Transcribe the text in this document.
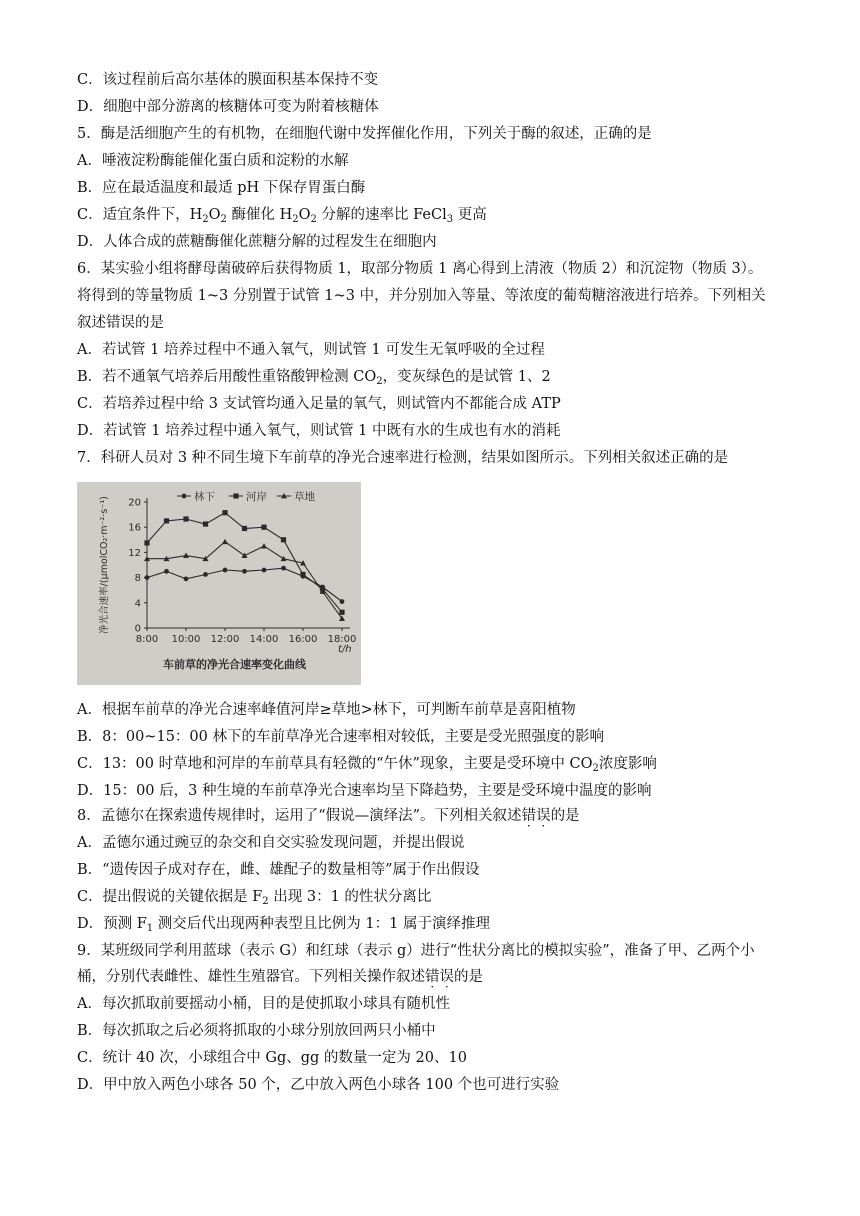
C．该过程前后高尔基体的膜面积基本保持不变
D．细胞中部分游离的核糖体可变为附着核糖体
5．酶是活细胞产生的有机物，在细胞代谢中发挥催化作用，下列关于酶的叙述，正确的是
A．唾液淀粉酶能催化蛋白质和淀粉的水解
B．应在最适温度和最适 pH 下保存胃蛋白酶
C．适宜条件下，$H_2O_2$ 酶催化 $H_2O_2$ 分解的速率比 FeCl$_3$ 更高
D．人体合成的蔗糖酶催化蔗糖分解的过程发生在细胞内
6．某实验小组将酵母菌破碎后获得物质 1，取部分物质 1 离心得到上清液（物质 2）和沉淀物（物质 3）。
将得到的等量物质 1~3 分别置于试管 1~3 中，并分别加入等量、等浓度的葡萄糖溶液进行培养。下列相关
叙述错误的是
A．若试管 1 培养过程中不通入氧气，则试管 1 可发生无氧呼吸的全过程
B．若不通氧气培养后用酸性重铬酸钾检测 $CO_2$，变灰绿色的是试管 1、2
C．若培养过程中给 3 支试管均通入足量的氧气，则试管内不都能合成 ATP
D．若试管 1 培养过程中通入氧气，则试管 1 中既有水的生成也有水的消耗
7．科研人员对 3 种不同生境下车前草的净光合速率进行检测，结果如图所示。下列相关叙述正确的是
0
4
8
12
16
20
8:00 10:00 12:00 14:00 16:00 18:00
t/h
净光合速率/(μmolCO₂·m⁻²·s⁻¹)
车前草的净光合速率变化曲线
林下	河岸	草地
A．根据车前草的净光合速率峰值河岸≥草地>林下，可判断车前草是喜阳植物
B．8：00~15：00 林下的车前草净光合速率相对较低，主要是受光照强度的影响
C．13：00 时草地和河岸的车前草具有轻微的“午休”现象，主要是受环境中 $CO_2$浓度影响
D．15：00 后，3 种生境的车前草净光合速率均呈下降趋势，主要是受环境中温度的影响
8．孟德尔在探索遗传规律时，运用了“假说—演绎法”。下列相关叙述错误的是
A．孟德尔通过豌豆的杂交和自交实验发现问题，并提出假说
B．“遗传因子成对存在，雌、雄配子的数量相等”属于作出假设
C．提出假说的关键依据是 $F_2$ 出现 3：1 的性状分离比
D．预测 $F_1$ 测交后代出现两种表型且比例为 1：1 属于演绎推理
9．某班级同学利用蓝球（表示 G）和红球（表示 g）进行“性状分离比的模拟实验”，准备了甲、乙两个小
桶，分别代表雌性、雄性生殖器官。下列相关操作叙述错误的是
A．每次抓取前要摇动小桶，目的是使抓取小球具有随机性
B．每次抓取之后必须将抓取的小球分别放回两只小桶中
C．统计 40 次，小球组合中 Gg、gg 的数量一定为 20、10
D．甲中放入两色小球各 50 个，乙中放入两色小球各 100 个也可进行实验
